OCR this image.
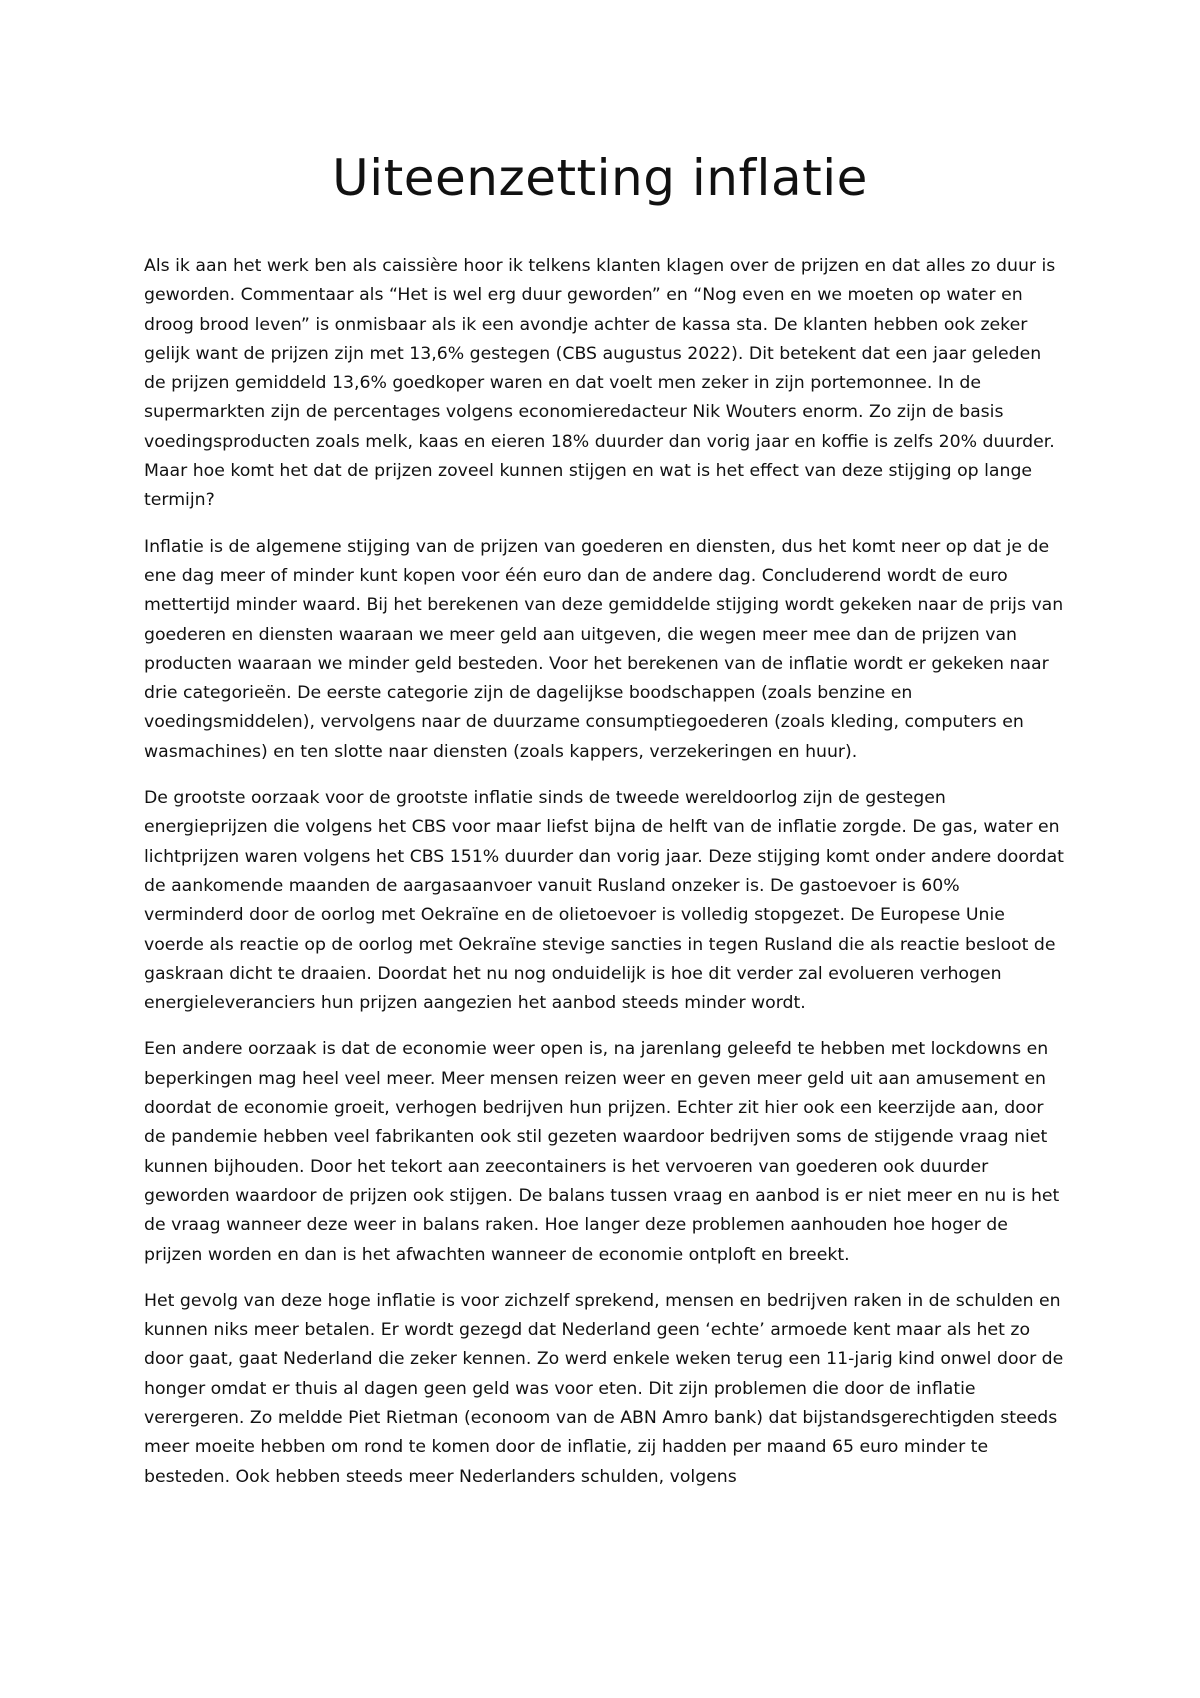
Uiteenzetting inflatie

Als ik aan het werk ben als caissière hoor ik telkens klanten klagen over de prijzen en dat alles zo duur is geworden. Commentaar als “Het is wel erg duur geworden” en “Nog even en we moeten op water en droog brood leven” is onmisbaar als ik een avondje achter de kassa sta. De klanten hebben ook zeker gelijk want de prijzen zijn met 13,6% gestegen (CBS augustus 2022). Dit betekent dat een jaar geleden de prijzen gemiddeld 13,6% goedkoper waren en dat voelt men zeker in zijn portemonnee. In de supermarkten zijn de percentages volgens economieredacteur Nik Wouters enorm. Zo zijn de basis voedingsproducten zoals melk, kaas en eieren 18% duurder dan vorig jaar en koffie is zelfs 20% duurder. Maar hoe komt het dat de prijzen zoveel kunnen stijgen en wat is het effect van deze stijging op lange termijn?

Inflatie is de algemene stijging van de prijzen van goederen en diensten, dus het komt neer op dat je de ene dag meer of minder kunt kopen voor één euro dan de andere dag. Concluderend wordt de euro mettertijd minder waard. Bij het berekenen van deze gemiddelde stijging wordt gekeken naar de prijs van goederen en diensten waaraan we meer geld aan uitgeven, die wegen meer mee dan de prijzen van producten waaraan we minder geld besteden. Voor het berekenen van de inflatie wordt er gekeken naar drie categorieën. De eerste categorie zijn de dagelijkse boodschappen (zoals benzine en voedingsmiddelen), vervolgens naar de duurzame consumptiegoederen (zoals kleding, computers en wasmachines) en ten slotte naar diensten (zoals kappers, verzekeringen en huur).

De grootste oorzaak voor de grootste inflatie sinds de tweede wereldoorlog zijn de gestegen energieprijzen die volgens het CBS voor maar liefst bijna de helft van de inflatie zorgde. De gas, water en lichtprijzen waren volgens het CBS 151% duurder dan vorig jaar. Deze stijging komt onder andere doordat de aankomende maanden de aargasaanvoer vanuit Rusland onzeker is. De gastoevoer is 60% verminderd door de oorlog met Oekraïne en de olietoevoer is volledig stopgezet. De Europese Unie voerde als reactie op de oorlog met Oekraïne stevige sancties in tegen Rusland die als reactie besloot de gaskraan dicht te draaien. Doordat het nu nog onduidelijk is hoe dit verder zal evolueren verhogen energieleveranciers hun prijzen aangezien het aanbod steeds minder wordt.

Een andere oorzaak is dat de economie weer open is, na jarenlang geleefd te hebben met lockdowns en beperkingen mag heel veel meer. Meer mensen reizen weer en geven meer geld uit aan amusement en doordat de economie groeit, verhogen bedrijven hun prijzen. Echter zit hier ook een keerzijde aan, door de pandemie hebben veel fabrikanten ook stil gezeten waardoor bedrijven soms de stijgende vraag niet kunnen bijhouden. Door het tekort aan zeecontainers is het vervoeren van goederen ook duurder geworden waardoor de prijzen ook stijgen. De balans tussen vraag en aanbod is er niet meer en nu is het de vraag wanneer deze weer in balans raken. Hoe langer deze problemen aanhouden hoe hoger de prijzen worden en dan is het afwachten wanneer de economie ontploft en breekt.

Het gevolg van deze hoge inflatie is voor zichzelf sprekend, mensen en bedrijven raken in de schulden en kunnen niks meer betalen. Er wordt gezegd dat Nederland geen ‘echte’ armoede kent maar als het zo door gaat, gaat Nederland die zeker kennen. Zo werd enkele weken terug een 11-jarig kind onwel door de honger omdat er thuis al dagen geen geld was voor eten. Dit zijn problemen die door de inflatie verergeren. Zo meldde Piet Rietman (econoom van de ABN Amro bank) dat bijstandsgerechtigden steeds meer moeite hebben om rond te komen door de inflatie, zij hadden per maand 65 euro minder te besteden. Ook hebben steeds meer Nederlanders schulden, volgens
